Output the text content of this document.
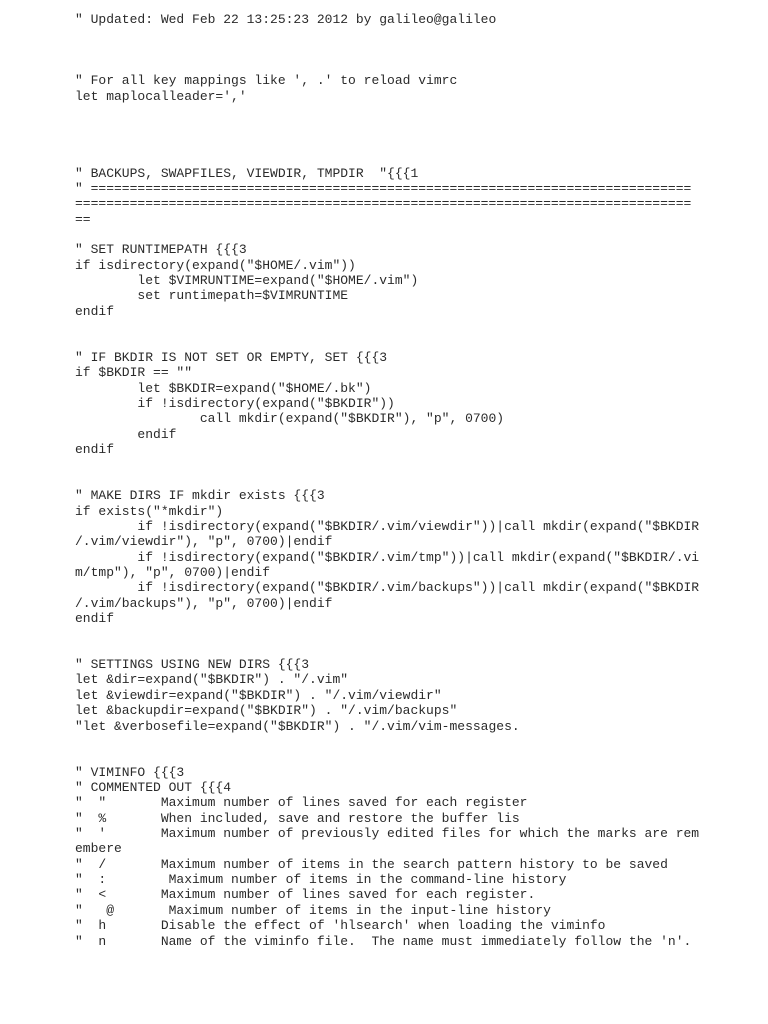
" Updated: Wed Feb 22 13:25:23 2012 by galileo@galileo
" For all key mappings like ', .' to reload vimrc
let maplocalleader=','
" BACKUPS, SWAPFILES, VIEWDIR, TMPDIR  "{{{1
" =============================================================================
===============================================================================
==
" SET RUNTIMEPATH {{{3
if isdirectory(expand("$HOME/.vim"))
let $VIMRUNTIME=expand("$HOME/.vim")
set runtimepath=$VIMRUNTIME
endif
" IF BKDIR IS NOT SET OR EMPTY, SET {{{3
if $BKDIR == ""
let $BKDIR=expand("$HOME/.bk")
if !isdirectory(expand("$BKDIR"))
call mkdir(expand("$BKDIR"), "p", 0700)
endif
endif
" MAKE DIRS IF mkdir exists {{{3
if exists("*mkdir")
if !isdirectory(expand("$BKDIR/.vim/viewdir"))|call mkdir(expand("$BKDIR
/.vim/viewdir"), "p", 0700)|endif
if !isdirectory(expand("$BKDIR/.vim/tmp"))|call mkdir(expand("$BKDIR/.vi
m/tmp"), "p", 0700)|endif
if !isdirectory(expand("$BKDIR/.vim/backups"))|call mkdir(expand("$BKDIR
/.vim/backups"), "p", 0700)|endif
endif
" SETTINGS USING NEW DIRS {{{3
let &dir=expand("$BKDIR") . "/.vim"
let &viewdir=expand("$BKDIR") . "/.vim/viewdir"
let &backupdir=expand("$BKDIR") . "/.vim/backups"
"let &verbosefile=expand("$BKDIR") . "/.vim/vim-messages.
" VIMINFO {{{3
" COMMENTED OUT {{{4
"  "       Maximum number of lines saved for each register
"  %       When included, save and restore the buffer lis
"  '       Maximum number of previously edited files for which the marks are rem
embere
"  /       Maximum number of items in the search pattern history to be saved
"  :        Maximum number of items in the command-line history
"  <       Maximum number of lines saved for each register.
"   @       Maximum number of items in the input-line history
"  h       Disable the effect of 'hlsearch' when loading the viminfo
"  n       Name of the viminfo file.  The name must immediately follow the 'n'.
